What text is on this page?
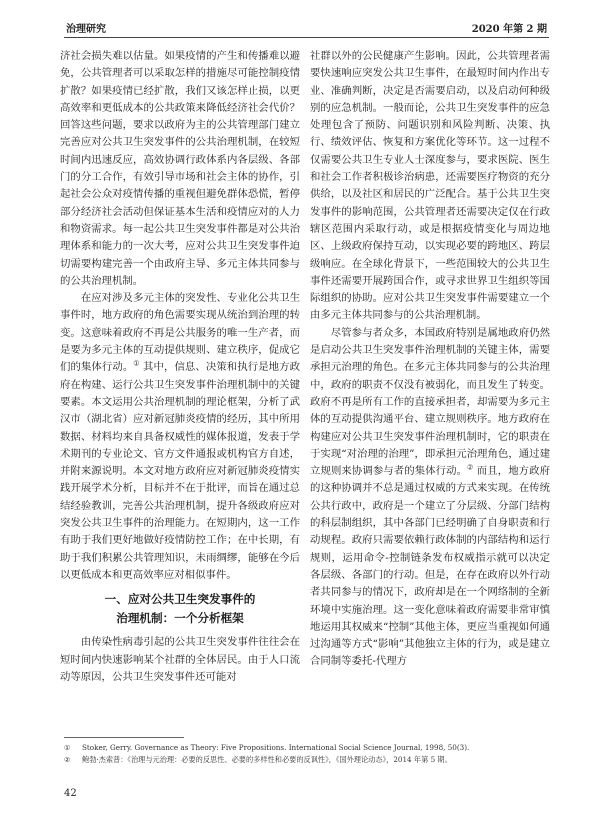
治理研究	2020 年第 2 期

济社会损失难以估量。如果疫情的产生和传播难以避免，公共管理者可以采取怎样的措施尽可能控制疫情扩散？如果疫情已经扩散，我们又该怎样止损，以更高效率和更低成本的公共政策来降低经济社会代价？回答这些问题，要求以政府为主的公共管理部门建立完善应对公共卫生突发事件的公共治理机制，在较短时间内迅速反应，高效协调行政体系内各层级、各部门的分工合作，有效引导市场和社会主体的协作，引起社会公众对疫情传播的重视但避免群体恐慌，暂停部分经济社会活动但保证基本生活和疫情应对的人力和物资需求。每一起公共卫生突发事件都是对公共治理体系和能力的一次大考，应对公共卫生突发事件迫切需要构建完善一个由政府主导、多元主体共同参与的公共治理机制。

在应对涉及多元主体的突发性、专业化公共卫生事件时，地方政府的角色需要实现从统治到治理的转变。这意味着政府不再是公共服务的唯一生产者，而是要为多元主体的互动提供规则、建立秩序，促成它们的集体行动。① 其中，信息、决策和执行是地方政府在构建、运行公共卫生突发事件治理机制中的关键要素。本文运用公共治理机制的理论框架，分析了武汉市（湖北省）应对新冠肺炎疫情的经历，其中所用数据、材料均来自具备权威性的媒体报道，发表于学术期刊的专业论文、官方文件通报或机构官方自述，并附来源说明。本文对地方政府应对新冠肺炎疫情实践开展学术分析，目标并不在于批评，而旨在通过总结经验教训，完善公共治理机制，提升各级政府应对突发公共卫生事件的治理能力。在短期内，这一工作有助于我们更好地做好疫情防控工作；在中长期，有助于我们积累公共管理知识，未雨绸缪，能够在今后以更低成本和更高效率应对相似事件。

一、应对公共卫生突发事件的
治理机制：一个分析框架

由传染性病毒引起的公共卫生突发事件往往会在短时间内快速影响某个社群的全体居民。由于人口流动等原因，公共卫生突发事件还可能对

社群以外的公民健康产生影响。因此，公共管理者需要快速响应突发公共卫生事件，在最短时间内作出专业、准确判断，决定是否需要启动，以及启动何种级别的应急机制。一般而论，公共卫生突发事件的应急处理包含了预防、问题识别和风险判断、决策、执行、绩效评估、恢复和方案优化等环节。这一过程不仅需要公共卫生专业人士深度参与，要求医院、医生和社会工作者积极诊治病患，还需要医疗物资的充分供给，以及社区和居民的广泛配合。基于公共卫生突发事件的影响范围，公共管理者还需要决定仅在行政辖区范围内采取行动，或是根据疫情变化与周边地区、上级政府保持互动，以实现必要的跨地区、跨层级响应。在全球化背景下，一些范围较大的公共卫生事件还需要开展跨国合作，或寻求世界卫生组织等国际组织的协助。应对公共卫生突发事件需要建立一个由多元主体共同参与的公共治理机制。

尽管参与者众多，本国政府特别是属地政府仍然是启动公共卫生突发事件治理机制的关键主体，需要承担元治理的角色。在多元主体共同参与的公共治理中，政府的职责不仅没有被弱化，而且发生了转变。政府不再是所有工作的直接承担者，却需要为多元主体的互动提供沟通平台、建立规则秩序。地方政府在构建应对公共卫生突发事件治理机制时，它的职责在于实现“对治理的治理”，即承担元治理角色，通过建立规则来协调参与者的集体行动。② 而且，地方政府的这种协调并不总是通过权威的方式来实现。在传统公共行政中，政府是一个建立了分层级、分部门结构的科层制组织，其中各部门已经明确了自身职责和行动规程。政府只需要依赖行政体制的内部结构和运行规则，运用命令-控制链条发布权威指示就可以决定各层级、各部门的行动。但是，在存在政府以外行动者共同参与的情况下，政府却是在一个网络制的全新环境中实施治理。这一变化意味着政府需要非常审慎地运用其权威来“控制”其他主体，更应当重视如何通过沟通等方式“影响”其他独立主体的行为，或是建立合同制等委托-代理方

① Stoker, Gerry. Governance as Theory: Five Propositions. International Social Science Journal, 1998, 50(3).
② 鲍勃·杰索普：《治理与元治理：必要的反思性、必要的多样性和必要的反讽性》，《国外理论动态》，2014 年第 5 期。
42
